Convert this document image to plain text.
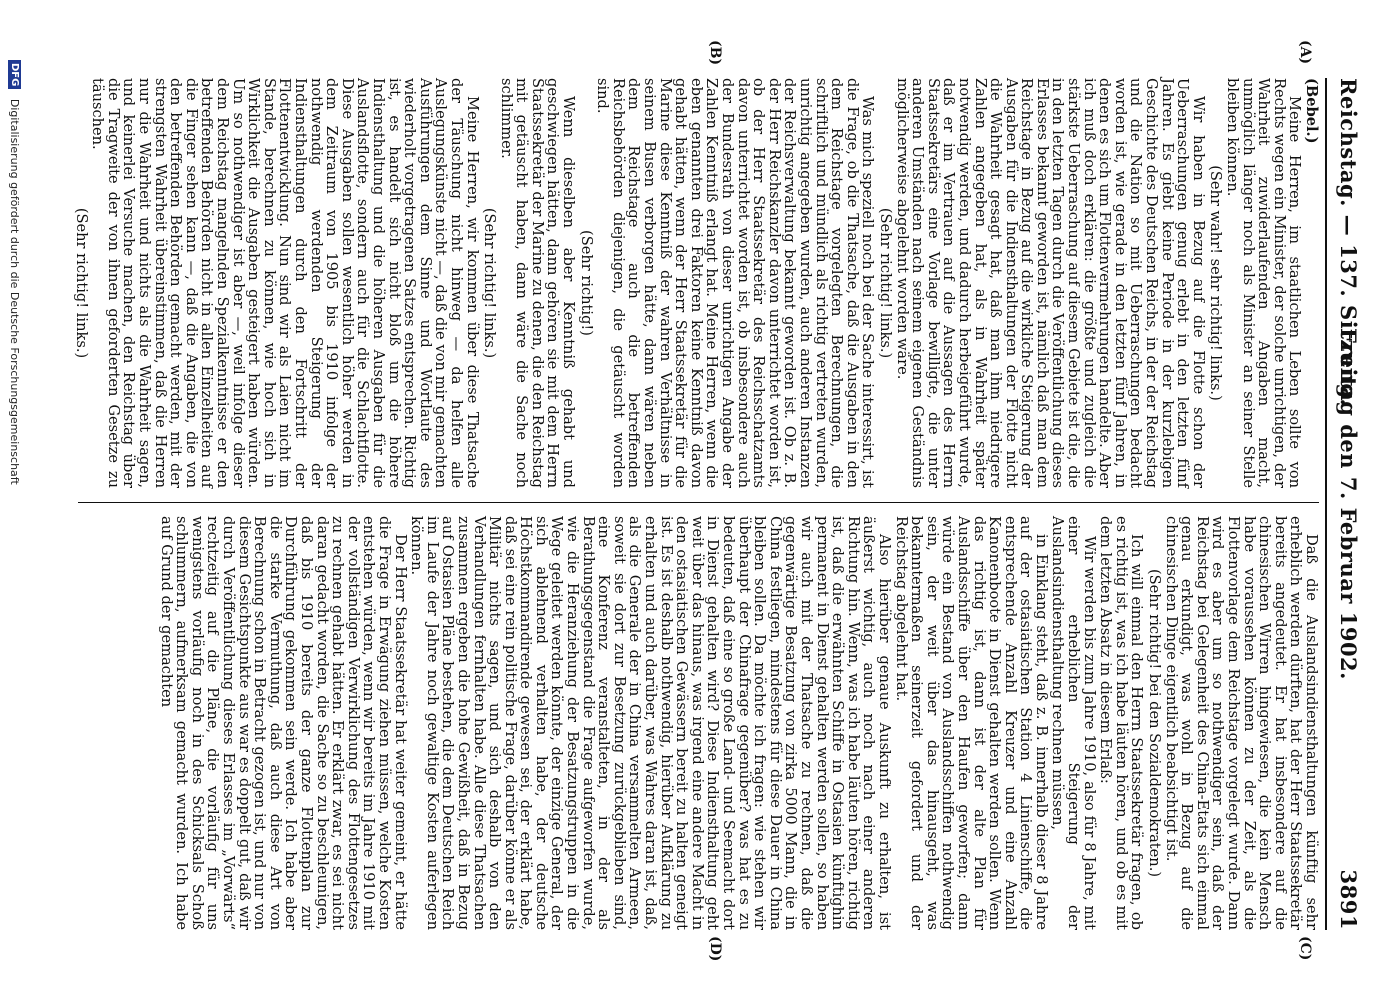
Reichstag. — 137. Sitzung.
Freitag den 7. Februar 1902.
3891
(A)
(B)
(C)
(D)

(Bebel.)

Meine Herren, im staatlichen Leben sollte von Rechts wegen ein Minister, der solche unrichtigen, der Wahrheit zuwiderlaufenden Angaben macht, unmöglich länger noch als Minister an seiner Stelle bleiben können.

(Sehr wahr! sehr richtig! links.)

Wir haben in Bezug auf die Flotte schon der Ueberraschungen genug erlebt in den letzten fünf Jahren. Es giebt keine Periode in der kurzlebigen Geschichte des Deutschen Reichs, in der der Reichstag und die Nation so mit Ueberraschungen bedacht worden ist, wie gerade in den letzten fünf Jahren, in denen es sich um Flottenvermehrungen handelte. Aber ich muß doch erklären: die größte und zugleich die stärkste Ueberraschung auf diesem Gebiete ist die, die in den letzten Tagen durch die Veröffentlichung dieses Erlasses bekannt geworden ist, nämlich daß man dem Reichstage in Bezug auf die wirkliche Steigerung der Ausgaben für die Indiensthaltungen der Flotte nicht die Wahrheit gesagt hat, daß man ihm niedrigere Zahlen angegeben hat, als in Wahrheit später notwendig werden, und dadurch herbeigeführt wurde, daß er im Vertrauen auf die Aussagen des Herrn Staatssekretärs eine Vorlage bewilligte, die unter anderen Umständen nach seinem eigenen Geständnis möglicherweise abgelehnt worden wäre.

(Sehr richtig! links.)

Was mich speziell noch bei der Sache interessirt, ist die Frage, ob die Thatsache, daß die Ausgaben in den dem Reichstage vorgelegten Berechnungen, die schriftlich und mündlich als richtig vertreten wurden, unrichtig angegeben wurden, auch anderen Instanzen der Reichsverwaltung bekannt geworden ist. Ob z. B. der Herr Reichskanzler davon unterrichtet worden ist, ob der Herr Staatssekretär des Reichsschatzamts davon unterrichtet worden ist, ob insbesondere auch der Bundesrath von dieser unrichtigen Angabe der Zahlen Kenntniß erlangt hat. Meine Herren, wenn die eben genannten drei Faktoren keine Kenntniß davon gehabt hätten, wenn der Herr Staatssekretär für die Marine diese Kenntniß der wahren Verhältnisse in seinem Busen verborgen hätte, dann wären neben dem Reichstage auch die betreffenden Reichsbehörden diejenigen, die getäuscht worden sind.

(Sehr richtig!)

Wenn dieselben aber Kenntniß gehabt und geschwiegen hätten, dann gehören sie mit dem Herrn Staatssekretär der Marine zu denen, die den Reichstag mit getäuscht haben, dann wäre die Sache noch schlimmer.

(Sehr richtig! links.)

Meine Herren, wir kommen über diese Thatsache der Täuschung nicht hinweg — da helfen alle Auslegungskünste nicht —, daß die von mir gemachten Ausführungen dem Sinne und Wortlaute des wiederholt vorgetragenen Satzes entsprechen. Richtig ist, es handelt sich nicht bloß um die höhere Indiensthaltung und die höheren Ausgaben für die Auslandsflotte, sondern auch für die Schlachtflotte. Diese Ausgaben sollen wesentlich höher werden in dem Zeitraum von 1905 bis 1910 infolge der nothwendig werdenden Steigerung der Indiensthaltungen durch den Fortschritt der Flottenentwicklung. Nun sind wir als Laien nicht im Stande, berechnen zu können, wie hoch sich in Wirklichkeit die Ausgaben gesteigert haben würden. Um so nothwendiger ist aber —, weil infolge dieser dem Reichstag mangelnden Spezialkenntnisse er den betreffenden Behörden nicht in allen Einzelheiten auf die Finger sehen kann —, daß die Angaben, die von den betreffenden Behörden gemacht werden, mit der strengsten Wahrheit übereinstimmen, daß die Herren nur die Wahrheit und nichts als die Wahrheit sagen, und keinerlei Versuche machen, den Reichstag über die Tragweite der von ihnen geforderten Gesetze zu täuschen.

(Sehr richtig! links.)

Daß die Auslandsindiensthaltungen künftig sehr erheblich werden dürften, hat der Herr Staatssekretär bereits angedeutet. Er hat insbesondere auf die chinesischen Wirren hingewiesen, die kein Mensch habe voraussehen können zu der Zeit, als die Flottenvorlage dem Reichstage vorgelegt wurde. Dann wird es aber um so nothwendiger sein, daß der Reichstag bei Gelegenheit des China-Etats sich einmal genau erkundigt, was wohl in Bezug auf die chinesischen Dinge eigentlich beabsichtigt ist.

(Sehr richtig! bei den Sozialdemokraten.)

Ich will einmal den Herrn Staatssekretär fragen, ob es richtig ist, was ich habe läuten hören, und ob es mit dem letzten Absatz in diesem Erlaß:

Wir werden bis zum Jahre 1910, also für 8 Jahre, mit einer erheblichen Steigerung der Auslandsindiensthaltung rechnen müssen,

in Einklang steht, daß z. B. innerhalb dieser 8 Jahre auf der ostasiatischen Station 4 Linienschiffe, die entsprechende Anzahl Kreuzer und eine Anzahl Kanonenboote in Dienst gehalten werden sollen. Wenn das richtig ist, dann ist der alte Plan für Auslandsschiffe über den Haufen geworfen; dann würde ein Bestand von Auslandsschiffen nothwendig sein, der weit über das hinausgeht, was bekanntermaßen seinerzeit gefordert und der Reichstag abgelehnt hat.

Also hierüber genaue Auskunft zu erhalten, ist äußerst wichtig, auch noch nach einer anderen Richtung hin. Wenn, was ich habe läuten hören, richtig ist, daß die erwähnten Schiffe in Ostasien künftighin permanent in Dienst gehalten werden sollen, so haben wir auch mit der Thatsache zu rechnen, daß die gegenwärtige Besatzung von zirka 5000 Mann, die in China festliegen, mindestens für diese Dauer in China bleiben sollen. Da möchte ich fragen: wie stehen wir überhaupt der Chinafrage gegenüber? was hat es zu bedeuten, daß eine so große Land- und Seemacht dort in Dienst gehalten wird? Diese Indiensthaltung geht weit über das hinaus, was irgend eine andere Macht in den ostasiatischen Gewässern bereit zu halten geneigt ist. Es ist deshalb nothwendig, hierüber Aufklärung zu erhalten und auch darüber, was Wahres daran ist, daß, als die Generale der in China versammelten Armeen, soweit sie dort zur Besetzung zurückgeblieben sind, eine Konferenz veranstalteten, in der als Berathungsgegenstand die Frage aufgeworfen wurde, wie die Heranziehung der Besatzungstruppen in die Wege geleitet werden könnte, der einzige General, der sich ablehnend verhalten habe, der deutsche Höchstkommandirende gewesen sei, der erklärt habe, daß sei eine rein politische Frage, darüber könne er als Militär nichts sagen, und sich deshalb von den Verhandlungen fernhalten habe. Alle diese Thatsachen zusammen ergeben die hohe Gewißheit, daß in Bezug auf Ostasien Pläne bestehen, die dem Deutschen Reich im Laufe der Jahre noch gewaltige Kosten auferlegen können.

Der Herr Staatssekretär hat weiter gemeint, er hätte die Frage in Erwägung ziehen müssen, welche Kosten entstehen würden, wenn wir bereits im Jahre 1910 mit der vollständigen Verwirklichung des Flottengesetzes zu rechnen gehabt hätten. Er erklärt zwar, es sei nicht daran gedacht worden, die Sache so zu beschleunigen, daß bis 1910 bereits der ganze Flottenplan zur Durchführung gekommen sein werde. Ich habe aber die starke Vermuthung, daß auch diese Art von Berechnung schon in Betracht gezogen ist, und nur von diesem Gesichtspunkte aus war es doppelt gut, daß wir durch Veröffentlichung dieses Erlasses im „Vorwärts“ rechtzeitig auf die Pläne, die vorläufig für uns wenigstens vorläufig noch in des Schicksals Schoß schlummern, aufmerksam gemacht wurden. Ich habe auf Grund der gemachten

DFG Digitalisierung gefördert durch die Deutsche Forschungsgemeinschaft
